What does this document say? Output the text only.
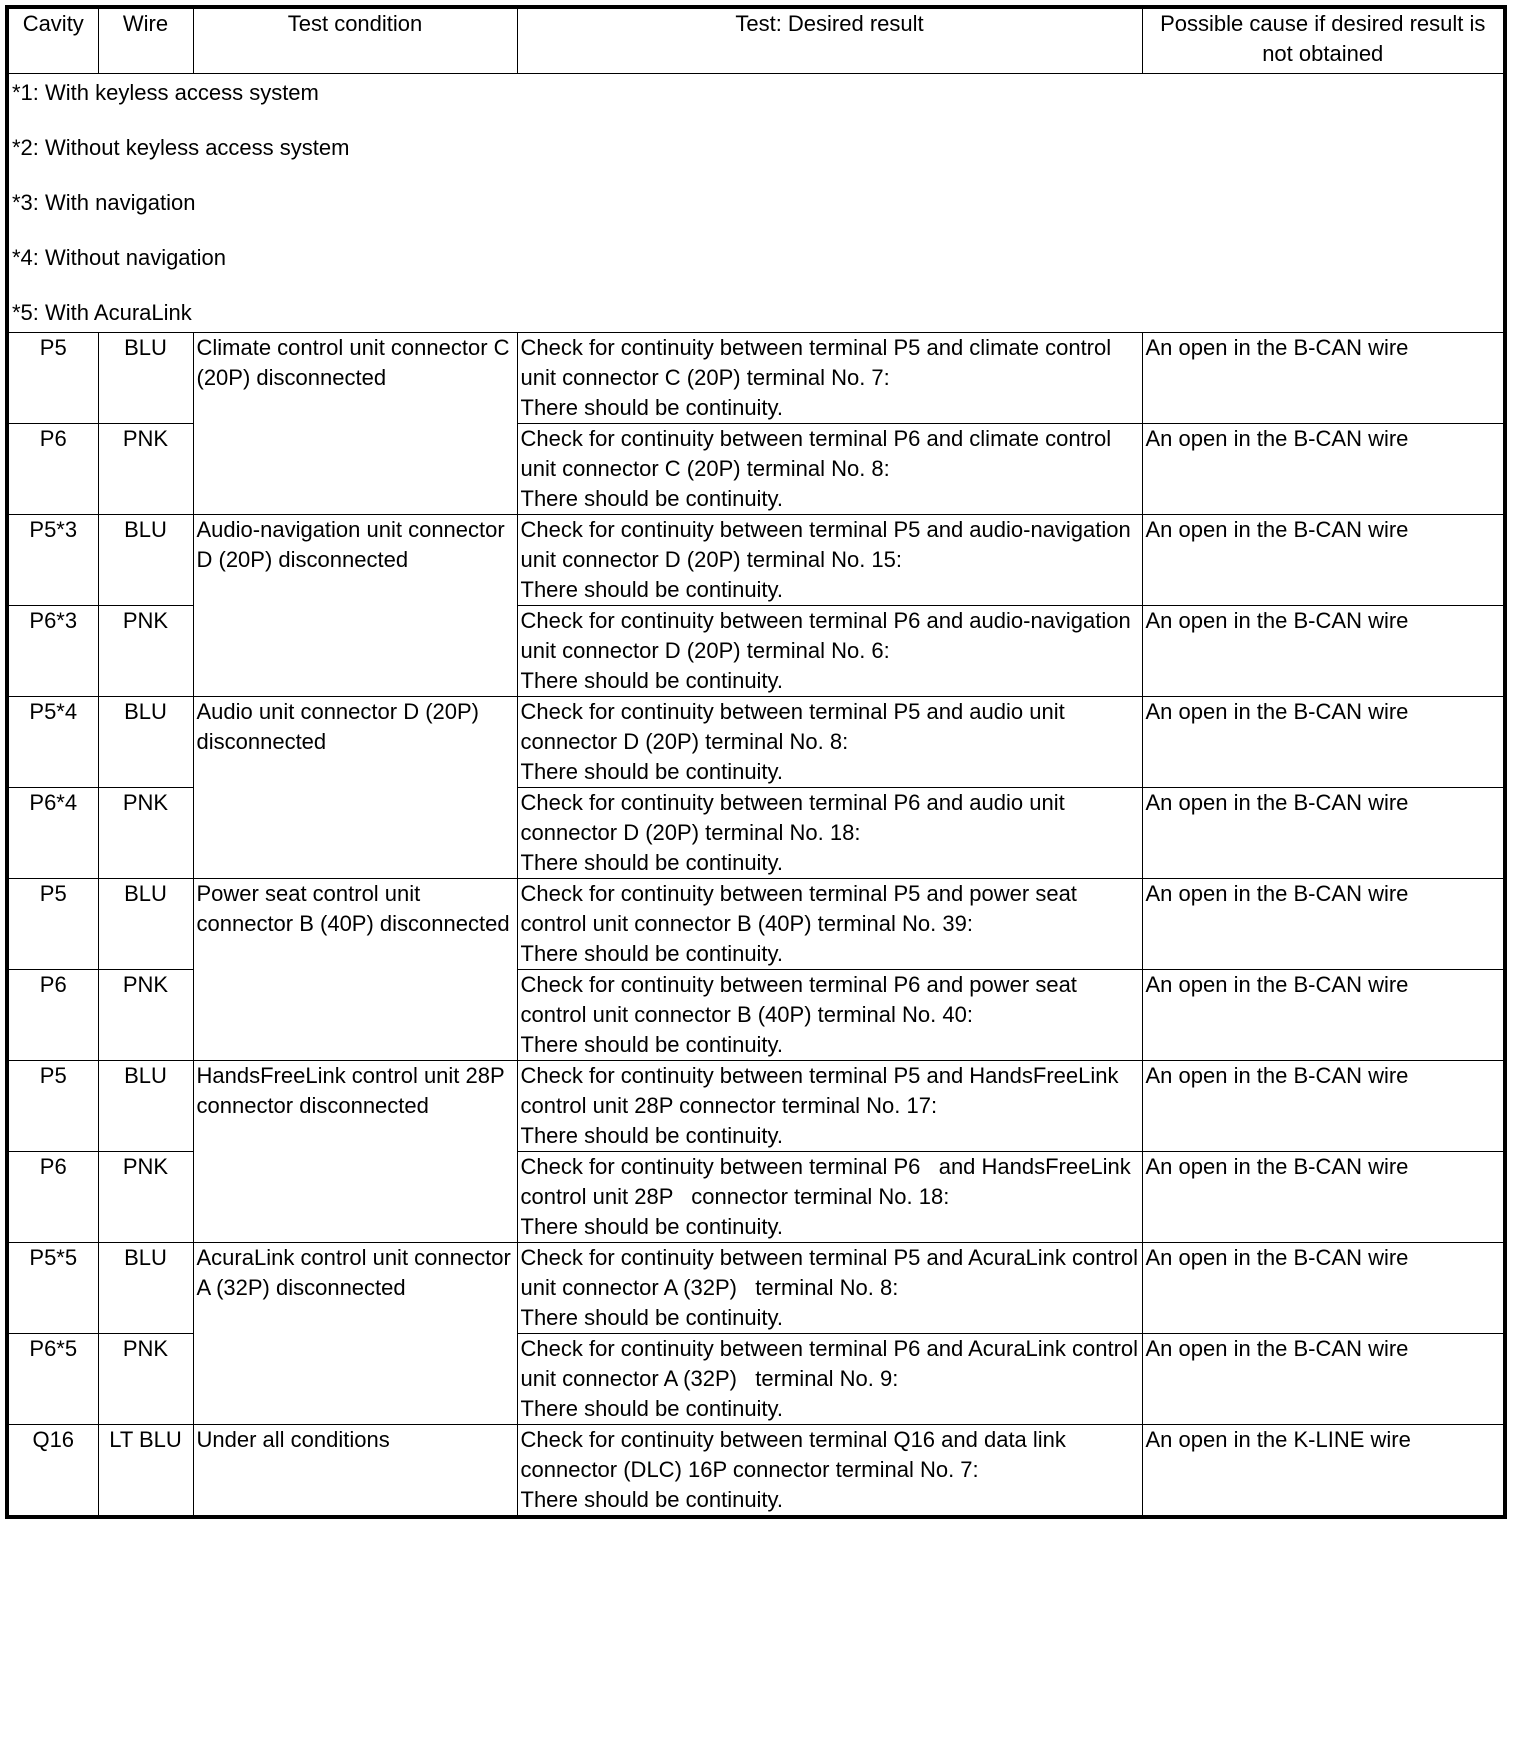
Cavity	Wire	Test condition	Test: Desired result	Possible cause if desired result is not obtained

*1: With keyless access system
*2: Without keyless access system
*3: With navigation
*4: Without navigation
*5: With AcuraLink				

P5	BLU	Climate control unit connector C (20P) disconnected	Check for continuity between terminal P5 and climate control unit connector C (20P) terminal No. 7:
There should be continuity.	An open in the B-CAN wire
P6	PNK		Check for continuity between terminal P6 and climate control unit connector C (20P) terminal No. 8:
There should be continuity.	An open in the B-CAN wire
P5*3	BLU	Audio-navigation unit connector D (20P) disconnected	Check for continuity between terminal P5 and audio-navigation unit connector D (20P) terminal No. 15:
There should be continuity.	An open in the B-CAN wire
P6*3	PNK		Check for continuity between terminal P6 and audio-navigation unit connector D (20P) terminal No. 6:
There should be continuity.	An open in the B-CAN wire
P5*4	BLU	Audio unit connector D (20P) disconnected	Check for continuity between terminal P5 and audio unit connector D (20P) terminal No. 8:
There should be continuity.	An open in the B-CAN wire
P6*4	PNK		Check for continuity between terminal P6 and audio unit connector D (20P) terminal No. 18:
There should be continuity.	An open in the B-CAN wire
P5	BLU	Power seat control unit connector B (40P) disconnected	Check for continuity between terminal P5 and power seat control unit connector B (40P) terminal No. 39:
There should be continuity.	An open in the B-CAN wire
P6	PNK		Check for continuity between terminal P6 and power seat control unit connector B (40P) terminal No. 40:
There should be continuity.	An open in the B-CAN wire
P5	BLU	HandsFreeLink control unit 28P connector disconnected	Check for continuity between terminal P5 and HandsFreeLink control unit 28P connector terminal No. 17:
There should be continuity.	An open in the B-CAN wire
P6	PNK		Check for continuity between terminal P6   and HandsFreeLink control unit 28P   connector terminal No. 18:
There should be continuity.	An open in the B-CAN wire
P5*5	BLU	AcuraLink control unit connector A (32P) disconnected	Check for continuity between terminal P5 and AcuraLink control unit connector A (32P)   terminal No. 8:
There should be continuity.	An open in the B-CAN wire
P6*5	PNK		Check for continuity between terminal P6 and AcuraLink control unit connector A (32P)   terminal No. 9:
There should be continuity.	An open in the B-CAN wire
Q16	LT BLU	Under all conditions	Check for continuity between terminal Q16 and data link connector (DLC) 16P connector terminal No. 7:
There should be continuity.	An open in the K-LINE wire
